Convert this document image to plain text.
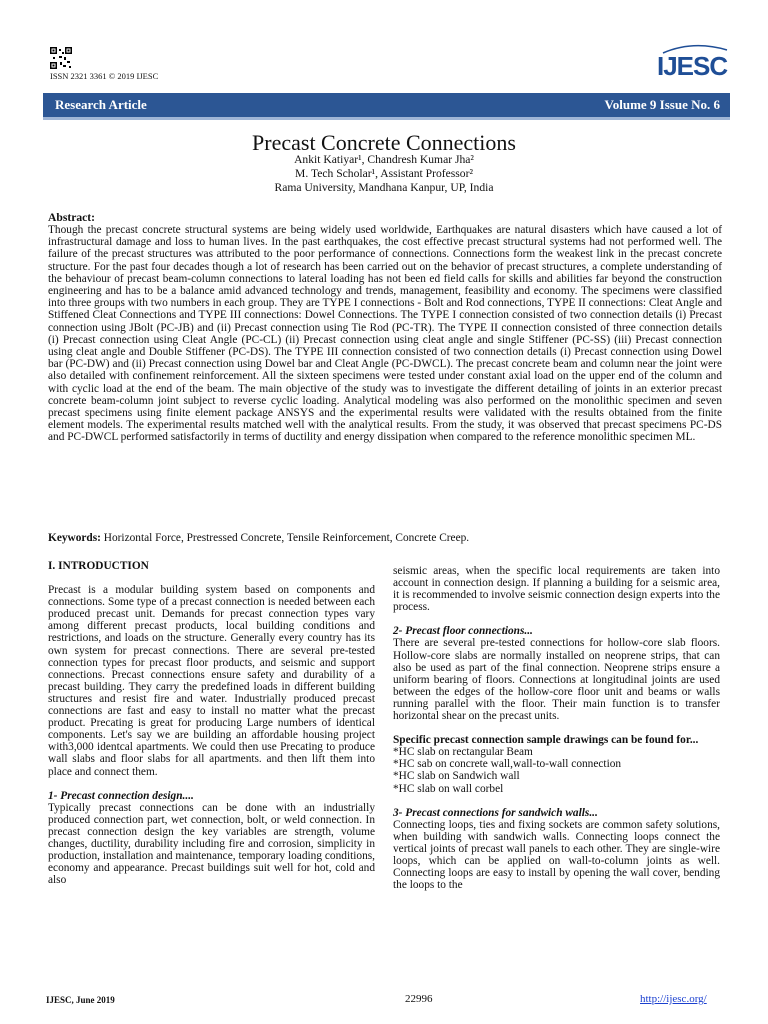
ISSN 2321 3361 © 2019 IJESC	IJESC
Research Article	Volume 9 Issue No. 6
Precast Concrete Connections
Ankit Katiyar¹, Chandresh Kumar Jha²
M. Tech Scholar¹, Assistant Professor²
Rama University, Mandhana Kanpur, UP, India
Abstract:
Though the precast concrete structural systems are being widely used worldwide, Earthquakes are natural disasters which have caused a lot of infrastructural damage and loss to human lives. In the past earthquakes, the cost effective precast structural systems had not performed well. The failure of the precast structures was attributed to the poor performance of connections. Connections form the weakest link in the precast concrete structure. For the past four decades though a lot of research has been carried out on the behavior of precast structures, a complete understanding of the behaviour of precast beam-column connections to lateral loading has not been ed field calls for skills and abilities far beyond the construction engineering and has to be a balance amid advanced technology and trends, management, feasibility and economy. The specimens were classified into three groups with two numbers in each group. They are TYPE I connections - Bolt and Rod connections, TYPE II connections: Cleat Angle and Stiffened Cleat Connections and TYPE III connections: Dowel Connections. The TYPE I connection consisted of two connection details (i) Precast connection using JBolt (PC-JB) and (ii) Precast connection using Tie Rod (PC-TR). The TYPE II connection consisted of three connection details (i) Precast connection using Cleat Angle (PC-CL) (ii) Precast connection using cleat angle and single Stiffener (PC-SS) (iii) Precast connection using cleat angle and Double Stiffener (PC-DS). The TYPE III connection consisted of two connection details (i) Precast connection using Dowel bar (PC-DW) and (ii) Precast connection using Dowel bar and Cleat Angle (PC-DWCL). The precast concrete beam and column near the joint were also detailed with confinement reinforcement. All the sixteen specimens were tested under constant axial load on the upper end of the column and with cyclic load at the end of the beam. The main objective of the study was to investigate the different detailing of joints in an exterior precast concrete beam-column joint subject to reverse cyclic loading. Analytical modeling was also performed on the monolithic specimen and seven precast specimens using finite element package ANSYS and the experimental results were validated with the results obtained from the finite element models. The experimental results matched well with the analytical results. From the study, it was observed that precast specimens PC-DS and PC-DWCL performed satisfactorily in terms of ductility and energy dissipation when compared to the reference monolithic specimen ML.
Keywords: Horizontal Force, Prestressed Concrete, Tensile Reinforcement, Concrete Creep.

I. INTRODUCTION

Precast is a modular building system based on components and connections. Some type of a precast connection is needed between each produced precast unit. Demands for precast connection types vary among different precast products, local building conditions and restrictions, and loads on the structure. Generally every country has its own system for precast connections. There are several pre-tested connection types for precast floor products, and seismic and support connections. Precast connections ensure safety and durability of a precast building. They carry the predefined loads in different building structures and resist fire and water. Industrially produced precast connections are fast and easy to install no matter what the precast product. Precating is great for producing Large numbers of identical components. Let's say we are building an affordable housing project with3,000 identcal apartments. We could then use Precating to produce wall slabs and floor slabs for all apartments. and then lift them into place and connect them.

1- Precast connection design....

Typically precast connections can be done with an industrially produced connection part, wet connection, bolt, or weld connection. In precast connection design the key variables are strength, volume changes, ductility, durability including fire and corrosion, simplicity in production, installation and maintenance, temporary loading conditions, economy and appearance. Precast buildings suit well for hot, cold and also

seismic areas, when the specific local requirements are taken into account in connection design. If planning a building for a seismic area, it is recommended to involve seismic connection design experts into the process.

2- Precast floor connections...

There are several pre-tested connections for hollow-core slab floors. Hollow-core slabs are normally installed on neoprene strips, that can also be used as part of the final connection. Neoprene strips ensure a uniform bearing of floors. Connections at longitudinal joints are used between the edges of the hollow-core floor unit and beams or walls running parallel with the floor. Their main function is to transfer horizontal shear on the precast units.

Specific precast connection sample drawings can be found for...

*HC slab on rectangular Beam

*HC sab on concrete wall,wall-to-wall connection

*HC slab on Sandwich wall

*HC slab on wall corbel

3- Precast connections for sandwich walls...

Connecting loops, ties and fixing sockets are common safety solutions, when building with sandwich walls. Connecting loops connect the vertical joints of precast wall panels to each other. They are single-wire loops, which can be applied on wall-to-column joints as well. Connecting loops are easy to install by opening the wall cover, bending the loops to the

IJESC, June 2019	22996	http://ijesc.org/
